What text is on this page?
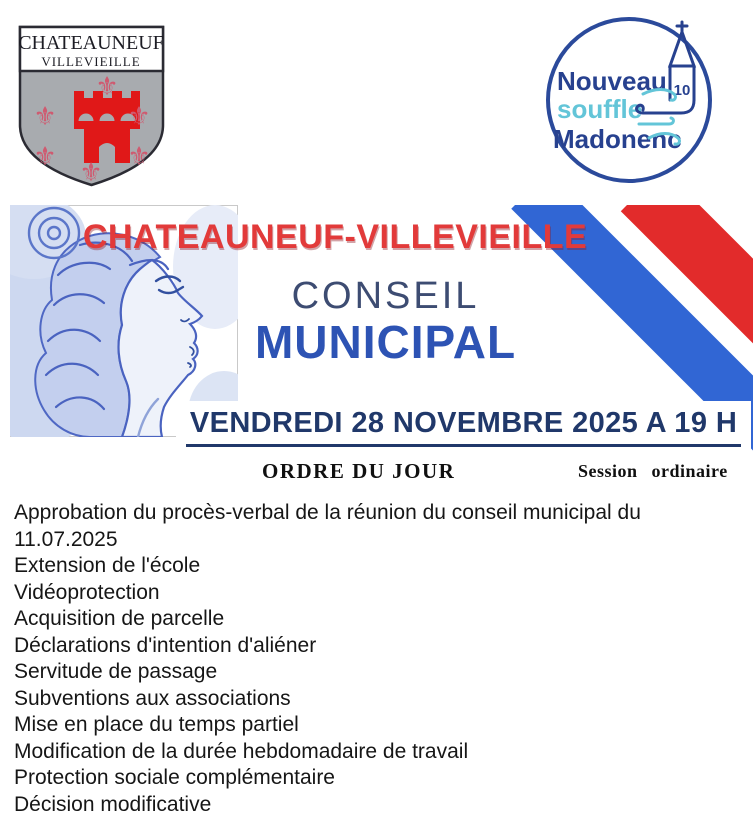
CHATEAUNEUF
VILLEVIEILLE
⚜
⚜	⚜
⚜	⚜
⚜
Nouveau
souffle
Madonenc
10
CHATEAUNEUF-VILLEVIEILLE
CONSEIL
MUNICIPAL
VENDREDI 28 NOVEMBRE 2025 A 19 H
ORDRE DU JOUR	Session ordinaire
Approbation du procès-verbal de la réunion du conseil municipal du 11.07.2025
Extension de l'école
Vidéoprotection
Acquisition de parcelle
Déclarations d'intention d'aliéner
Servitude de passage
Subventions aux associations
Mise en place du temps partiel
Modification de la durée hebdomadaire de travail
Protection sociale complémentaire
Décision modificative
